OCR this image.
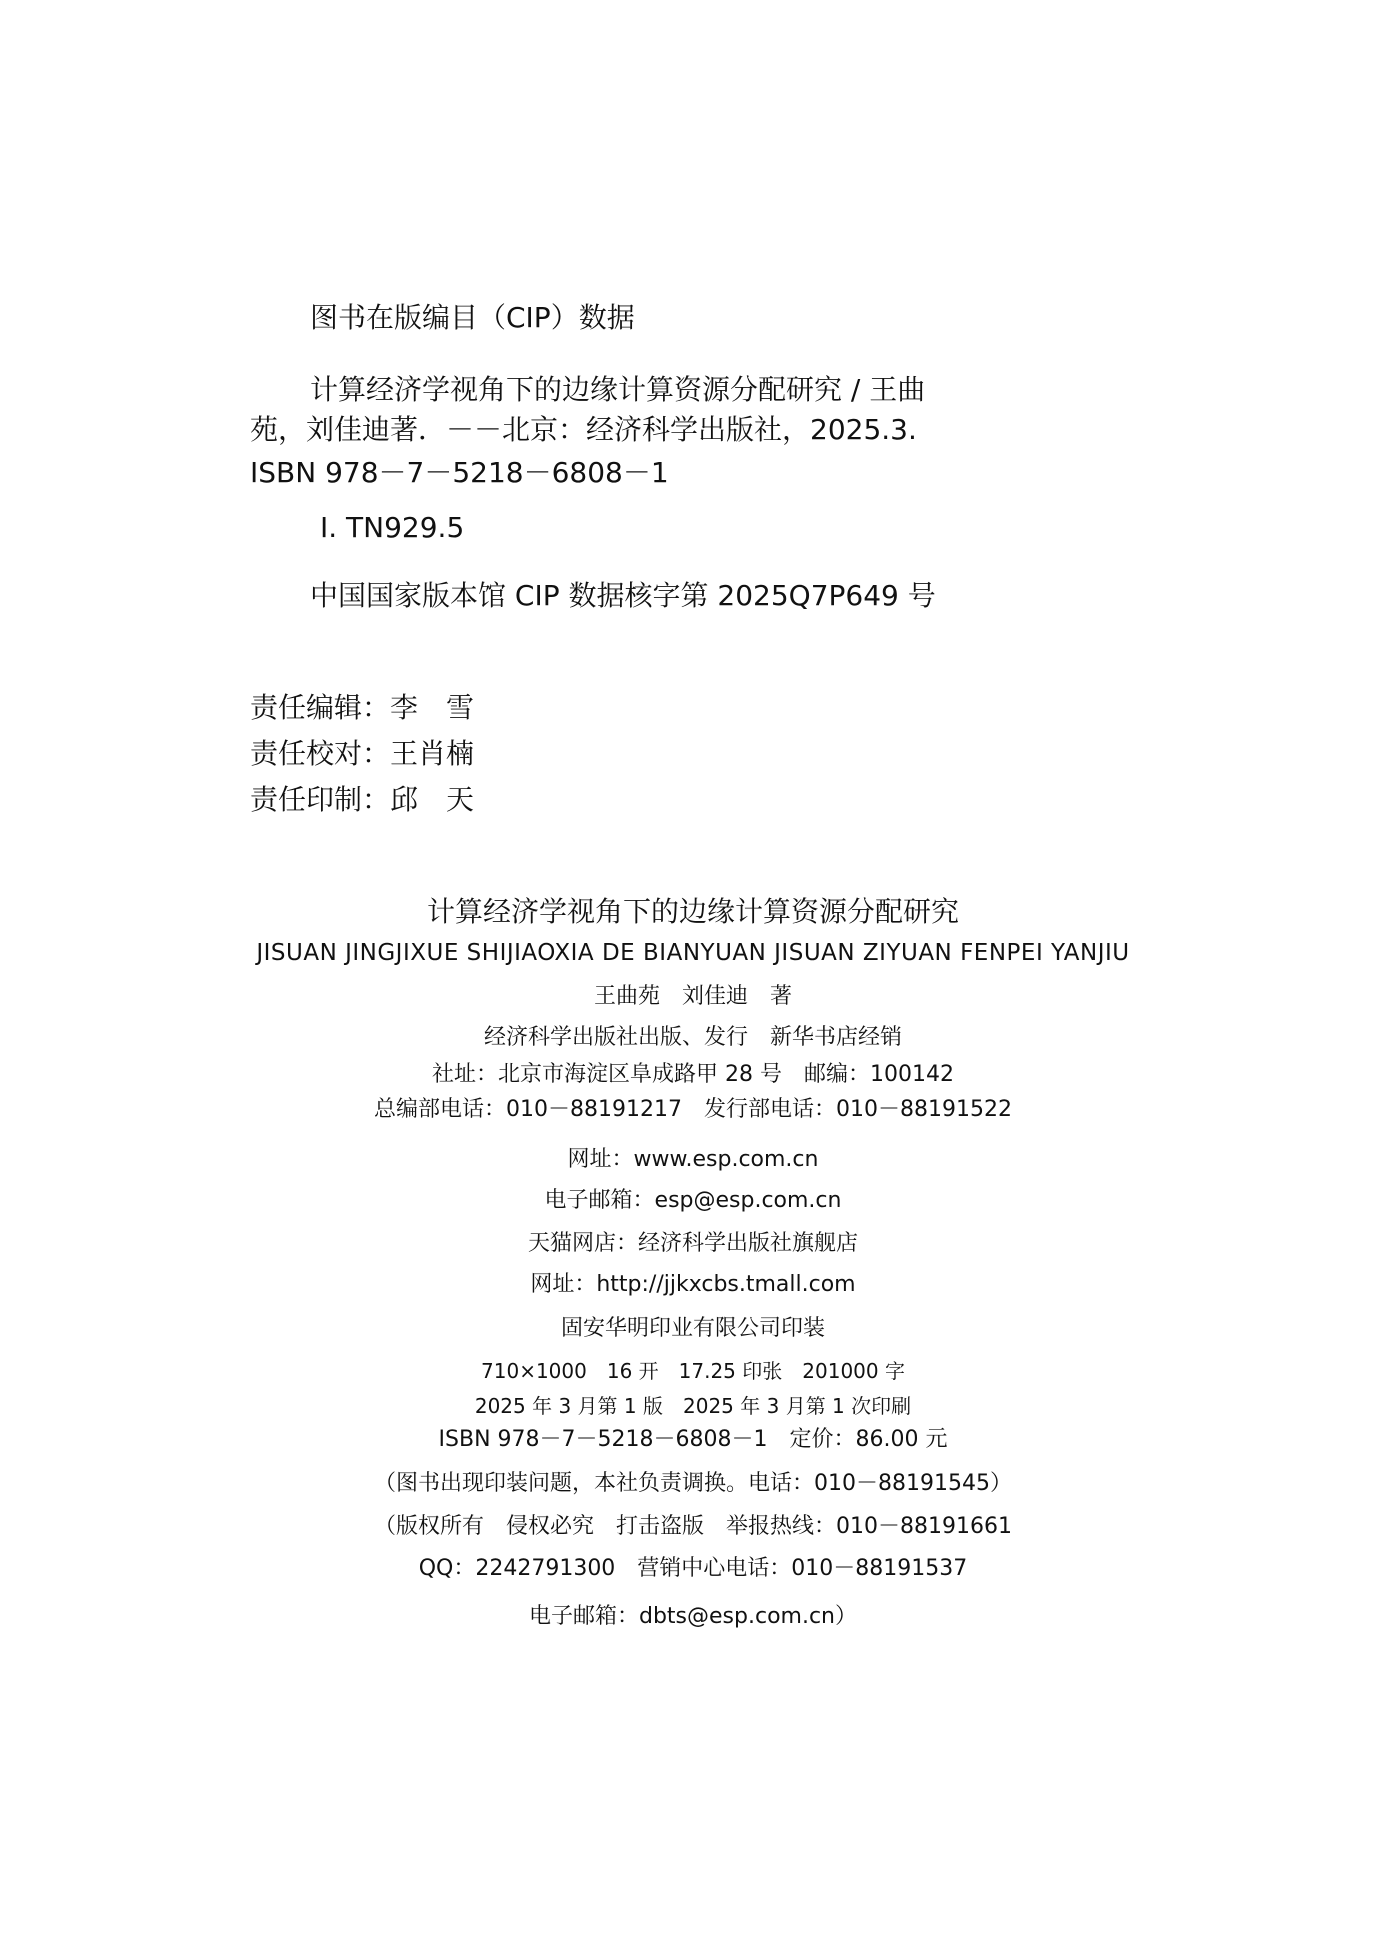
图书在版编目（CIP）数据
计算经济学视角下的边缘计算资源分配研究 / 王曲
苑，刘佳迪著．－－北京：经济科学出版社，2025.3.
ISBN 978－7－5218－6808－1
Ⅰ. TN929.5
中国国家版本馆 CIP 数据核字第 2025Q7P649 号
责任编辑：李　雪
责任校对：王肖楠
责任印制：邱　天
计算经济学视角下的边缘计算资源分配研究
JISUAN JINGJIXUE SHIJIAOXIA DE BIANYUAN JISUAN ZIYUAN FENPEI YANJIU
王曲苑　刘佳迪　著
经济科学出版社出版、发行　新华书店经销
社址：北京市海淀区阜成路甲 28 号　邮编：100142
总编部电话：010－88191217　发行部电话：010－88191522
网址：www.esp.com.cn
电子邮箱：esp@esp.com.cn
天猫网店：经济科学出版社旗舰店
网址：http://jjkxcbs.tmall.com
固安华明印业有限公司印装
710×1000　16 开　17.25 印张　201000 字
2025 年 3 月第 1 版　2025 年 3 月第 1 次印刷
ISBN 978－7－5218－6808－1　定价：86.00 元
（图书出现印装问题，本社负责调换。电话：010－88191545）
（版权所有　侵权必究　打击盗版　举报热线：010－88191661
QQ：2242791300　营销中心电话：010－88191537
电子邮箱：dbts@esp.com.cn）
